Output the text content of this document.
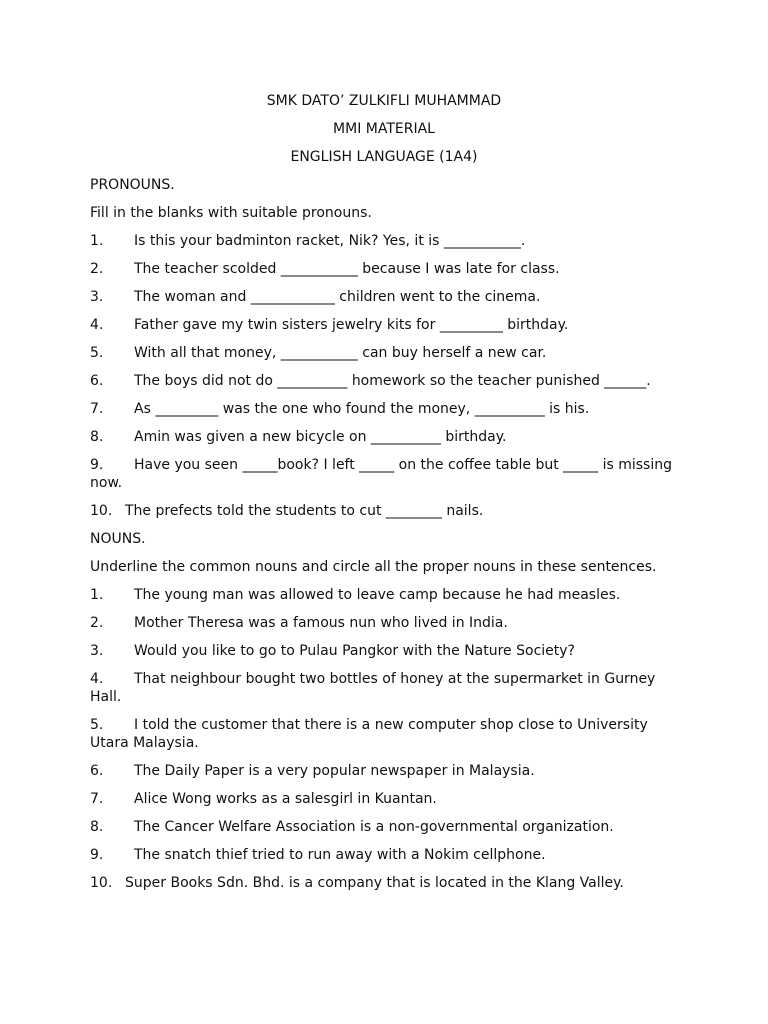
SMK DATO’ ZULKIFLI MUHAMMAD

MMI MATERIAL

ENGLISH LANGUAGE (1A4)

PRONOUNS.

Fill in the blanks with suitable pronouns.

1.	Is this your badminton racket, Nik? Yes, it is ___________.
2.	The teacher scolded ___________ because I was late for class.
3.	The woman and ____________ children went to the cinema.
4.	Father gave my twin sisters jewelry kits for _________ birthday.
5.	With all that money, ___________ can buy herself a new car.
6.	The boys did not do __________ homework so the teacher punished ______.
7.	As _________ was the one who found the money, __________ is his.
8.	Amin was given a new bicycle on __________ birthday.
9. Have you seen _____book? I left _____ on the coffee table but _____ is missing now.
10. The prefects told the students to cut ________ nails.

NOUNS.

Underline the common nouns and circle all the proper nouns in these sentences.

1.	The young man was allowed to leave camp because he had measles.
2.	Mother Theresa was a famous nun who lived in India.
3.	Would you like to go to Pulau Pangkor with the Nature Society?
4. That neighbour bought two bottles of honey at the supermarket in Gurney Hall.
5. I told the customer that there is a new computer shop close to University Utara Malaysia.
6.	The Daily Paper is a very popular newspaper in Malaysia.
7.	Alice Wong works as a salesgirl in Kuantan.
8.	The Cancer Welfare Association is a non-governmental organization.
9.	The snatch thief tried to run away with a Nokim cellphone.
10. Super Books Sdn. Bhd. is a company that is located in the Klang Valley.
